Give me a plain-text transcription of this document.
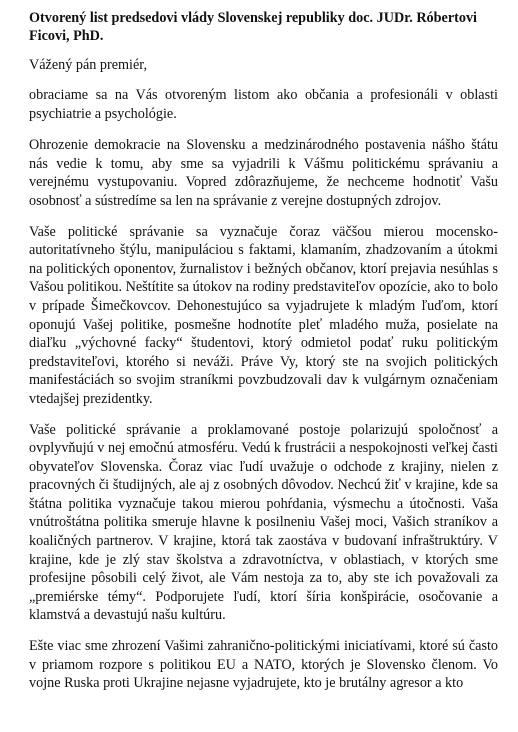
Otvorený list predsedovi vlády Slovenskej republiky doc. JUDr. Róbertovi Ficovi, PhD.
Vážený pán premiér,

obraciame sa na Vás otvoreným listom ako občania a profesionáli v oblasti psychiatrie a psychológie.

Ohrozenie demokracie na Slovensku a medzinárodného postavenia nášho štátu nás vedie k tomu, aby sme sa vyjadrili k Vášmu politickému správaniu a verejnému vystupovaniu. Vopred zdôrazňujeme, že nechceme hodnotiť Vašu osobnosť a sústredíme sa len na správanie z verejne dostupných zdrojov.

Vaše politické správanie sa vyznačuje čoraz väčšou mierou mocensko-autoritatívneho štýlu, manipuláciou s faktami, klamaním, zhadzovaním a útokmi na politických oponentov, žurnalistov i bežných občanov, ktorí prejavia nesúhlas s Vašou politikou. Neštítite sa útokov na rodiny predstaviteľov opozície, ako to bolo v prípade Šimečkovcov. Dehonestujúco sa vyjadrujete k mladým ľuďom, ktorí oponujú Vašej politike, posmešne hodnotíte pleť mladého muža, posielate na diaľku „výchovné facky“ študentovi, ktorý odmietol podať ruku politickým predstaviteľovi, ktorého si neváži. Práve Vy, ktorý ste na svojich politických manifestáciách so svojim straníkmi povzbudzovali dav k vulgárnym označeniam vtedajšej prezidentky.

Vaše politické správanie a proklamované postoje polarizujú spoločnosť a ovplyvňujú v nej emočnú atmosféru. Vedú k frustrácii a nespokojnosti veľkej časti obyvateľov Slovenska. Čoraz viac ľudí uvažuje o odchode z krajiny, nielen z pracovných či študijných, ale aj z osobných dôvodov. Nechcú žiť v krajine, kde sa štátna politika vyznačuje takou mierou pohŕdania, výsmechu a útočnosti. Vaša vnútroštátna politika smeruje hlavne k posilneniu Vašej moci, Vašich straníkov a koaličných partnerov. V krajine, ktorá tak zaostáva v budovaní infraštruktúry. V krajine, kde je zlý stav školstva a zdravotníctva, v oblastiach, v ktorých sme profesijne pôsobili celý život, ale Vám nestoja za to, aby ste ich považovali za „premiérske témy“. Podporujete ľudí, ktorí šíria konšpirácie, osočovanie a klamstvá a devastujú našu kultúru.

Ešte viac sme zhrození Vašimi zahranično-politickými iniciatívami, ktoré sú často v priamom rozpore s politikou EU a NATO, ktorých je Slovensko členom. Vo vojne Ruska proti Ukrajine nejasne vyjadrujete, kto je brutálny agresor a kto
